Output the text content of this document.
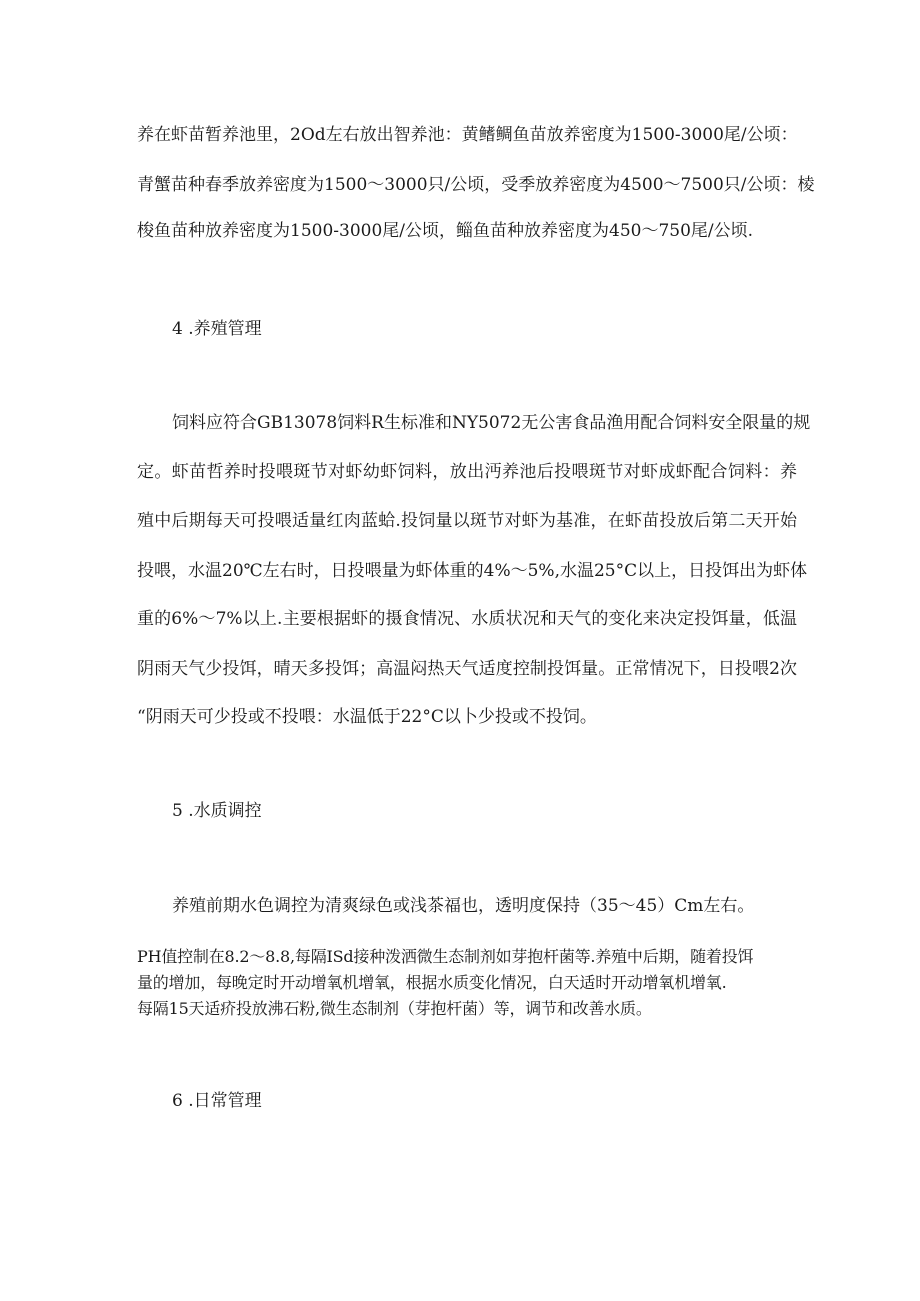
养在虾苗暂养池里，2Od左右放出智养池：黄鳍鲷鱼苗放养密度为1500-3000尾/公顷：
青蟹苗种春季放养密度为1500～3000只/公顷，受季放养密度为4500～7500只/公顷：棱
梭鱼苗种放养密度为1500-3000尾/公顷，鲻鱼苗种放养密度为450～750尾/公顷.
4 .养殖管理
饲料应符合GB13078饲料R生标准和NY5072无公害食品渔用配合饲料安全限量的规
定。虾苗哲养时投喂斑节对虾幼虾饲料，放出沔养池后投喂斑节对虾成虾配合饲料：养
殖中后期每天可投喂适量红肉蓝蛤.投饲量以斑节对虾为基准，在虾苗投放后第二天开始
投喂，水温20℃左右时，日投喂量为虾体重的4%～5%,水温25°C以上，日投饵出为虾体
重的6%～7%以上.主要根据虾的摄食情况、水质状况和天气的变化来决定投饵量，低温
阴雨天气少投饵，晴天多投饵；高温闷热天气适度控制投饵量。正常情况下，日投喂2次
“阴雨天可少投或不投喂：水温低于22°C以卜少投或不投饲。
5 .水质调控
养殖前期水色调控为清爽绿色或浅茶福也，透明度保持（35～45）Cm左右。
PH值控制在8.2～8.8,每隔ISd接种泼洒微生态制剂如芽抱杆菌等.养殖中后期，随着投饵
量的增加，每晚定时开动增氧机增氧，根据水质变化情况，白天适时开动增氧机增氧.
每隔15天适疥投放沸石粉,微生态制剂（芽抱杆菌）等，调节和改善水质。
6 .日常管理
